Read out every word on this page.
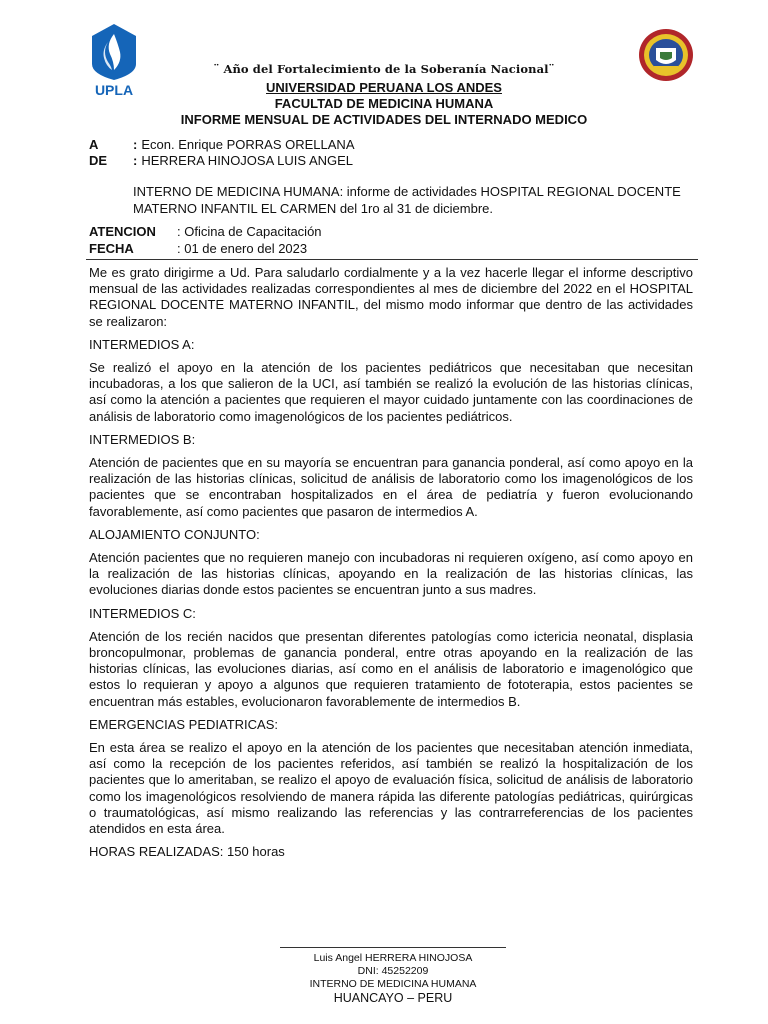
UPLA
¨ Año del Fortalecimiento de la Soberanía Nacional¨
UNIVERSIDAD PERUANA LOS ANDES
FACULTAD DE MEDICINA HUMANA
INFORME MENSUAL DE ACTIVIDADES DEL INTERNADO MEDICO
A	: Econ. Enrique PORRAS ORELLANA
DE : HERRERA HINOJOSA LUIS ANGEL
INTERNO DE MEDICINA HUMANA: informe de actividades HOSPITAL REGIONAL DOCENTE MATERNO INFANTIL EL CARMEN del 1ro al 31 de diciembre.
ATENCION : Oficina de Capacitación
FECHA	: 01 de enero del 2023

Me es grato dirigirme a Ud. Para saludarlo cordialmente y a la vez hacerle llegar el informe descriptivo mensual de las actividades realizadas correspondientes al mes de diciembre del 2022 en el HOSPITAL REGIONAL DOCENTE MATERNO INFANTIL, del mismo modo informar que dentro de las actividades se realizaron:

INTERMEDIOS A:

Se realizó el apoyo en la atención de los pacientes pediátricos que necesitaban que necesitan incubadoras, a los que salieron de la UCI, así también se realizó la evolución de las historias clínicas, así como la atención a pacientes que requieren el mayor cuidado juntamente con las coordinaciones de análisis de laboratorio como imagenológicos de los pacientes pediátricos.

INTERMEDIOS B:

Atención de pacientes que en su mayoría se encuentran para ganancia ponderal, así como apoyo en la realización de las historias clínicas, solicitud de análisis de laboratorio como los imagenológicos de los pacientes que se encontraban hospitalizados en el área de pediatría y fueron evolucionando favorablemente, así como pacientes que pasaron de intermedios A.

ALOJAMIENTO CONJUNTO:

Atención pacientes que no requieren manejo con incubadoras ni requieren oxígeno, así como apoyo en la realización de las historias clínicas, apoyando en la realización de las historias clínicas, las evoluciones diarias donde estos pacientes se encuentran junto a sus madres.

INTERMEDIOS C:

Atención de los recién nacidos que presentan diferentes patologías como ictericia neonatal, displasia broncopulmonar, problemas de ganancia ponderal, entre otras apoyando en la realización de las historias clínicas, las evoluciones diarias, así como en el análisis de laboratorio e imagenológico que estos lo requieran y apoyo a algunos que requieren tratamiento de fototerapia, estos pacientes se encuentran más estables, evolucionaron favorablemente de intermedios B.

EMERGENCIAS PEDIATRICAS:

En esta área se realizo el apoyo en la atención de los pacientes que necesitaban atención inmediata, así como la recepción de los pacientes referidos, así también se realizó la hospitalización de los pacientes que lo ameritaban, se realizo el apoyo de evaluación física, solicitud de análisis de laboratorio como los imagenológicos resolviendo de manera rápida las diferente patologías pediátricas, quirúrgicas o traumatológicas, así mismo realizando las referencias y las contrarreferencias de los pacientes atendidos en esta área.

HORAS REALIZADAS: 150 horas
Luis Angel HERRERA HINOJOSA
DNI: 45252209
INTERNO DE MEDICINA HUMANA
HUANCAYO – PERU
